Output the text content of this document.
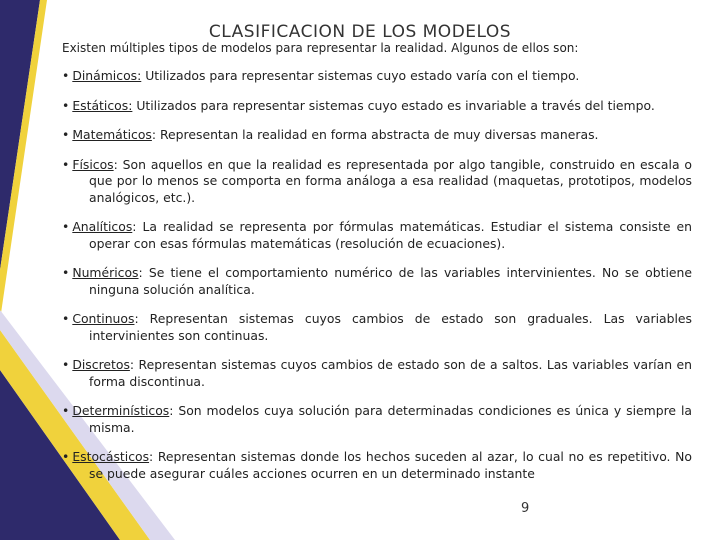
CLASIFICACION DE LOS MODELOS
Existen múltiples tipos de modelos para representar la realidad. Algunos de ellos son:
• Dinámicos: Utilizados para representar sistemas cuyo estado varía con el tiempo.
• Estáticos: Utilizados para representar sistemas cuyo estado es invariable a través del tiempo.
• Matemáticos: Representan la realidad en forma abstracta de muy diversas maneras.
• Físicos: Son aquellos en que la realidad es representada por algo tangible, construido en escala o que por lo menos se comporta en forma análoga a esa realidad (maquetas, prototipos, modelos analógicos, etc.).
• Analíticos: La realidad se representa por fórmulas matemáticas. Estudiar el sistema consiste en operar con esas fórmulas matemáticas (resolución de ecuaciones).
• Numéricos: Se tiene el comportamiento numérico de las variables intervinientes. No se obtiene ninguna solución analítica.
• Continuos: Representan sistemas cuyos cambios de estado son graduales. Las variables intervinientes son continuas.
• Discretos: Representan sistemas cuyos cambios de estado son de a saltos. Las variables varían en forma discontinua.
• Determinísticos: Son modelos cuya solución para determinadas condiciones es única y siempre la misma.
• Estocásticos: Representan sistemas donde los hechos suceden al azar, lo cual no es repetitivo. No se puede asegurar cuáles acciones ocurren en un determinado instante
9
